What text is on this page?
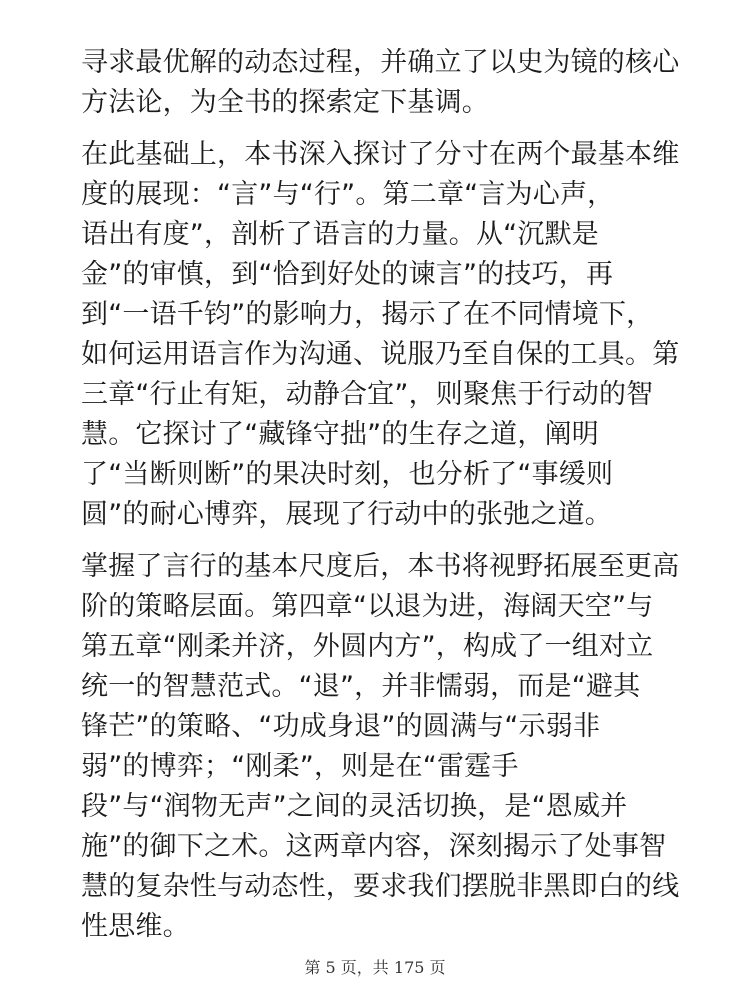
寻求最优解的动态过程，并确立了以史为镜的核心
方法论，为全书的探索定下基调。
在此基础上，本书深入探讨了分寸在两个最基本维
度的展现：“言”与“行”。第二章“言为心声，
语出有度”，剖析了语言的力量。从“沉默是
金”的审慎，到“恰到好处的谏言”的技巧，再
到“一语千钧”的影响力，揭示了在不同情境下，
如何运用语言作为沟通、说服乃至自保的工具。第
三章“行止有矩，动静合宜”，则聚焦于行动的智
慧。它探讨了“藏锋守拙”的生存之道，阐明
了“当断则断”的果决时刻，也分析了“事缓则
圆”的耐心博弈，展现了行动中的张弛之道。
掌握了言行的基本尺度后，本书将视野拓展至更高
阶的策略层面。第四章“以退为进，海阔天空”与
第五章“刚柔并济，外圆内方”，构成了一组对立
统一的智慧范式。“退”，并非懦弱，而是“避其
锋芒”的策略、“功成身退”的圆满与“示弱非
弱”的博弈；“刚柔”，则是在“雷霆手
段”与“润物无声”之间的灵活切换，是“恩威并
施”的御下之术。这两章内容，深刻揭示了处事智
慧的复杂性与动态性，要求我们摆脱非黑即白的线
性思维。
第 5 页，共 175 页
